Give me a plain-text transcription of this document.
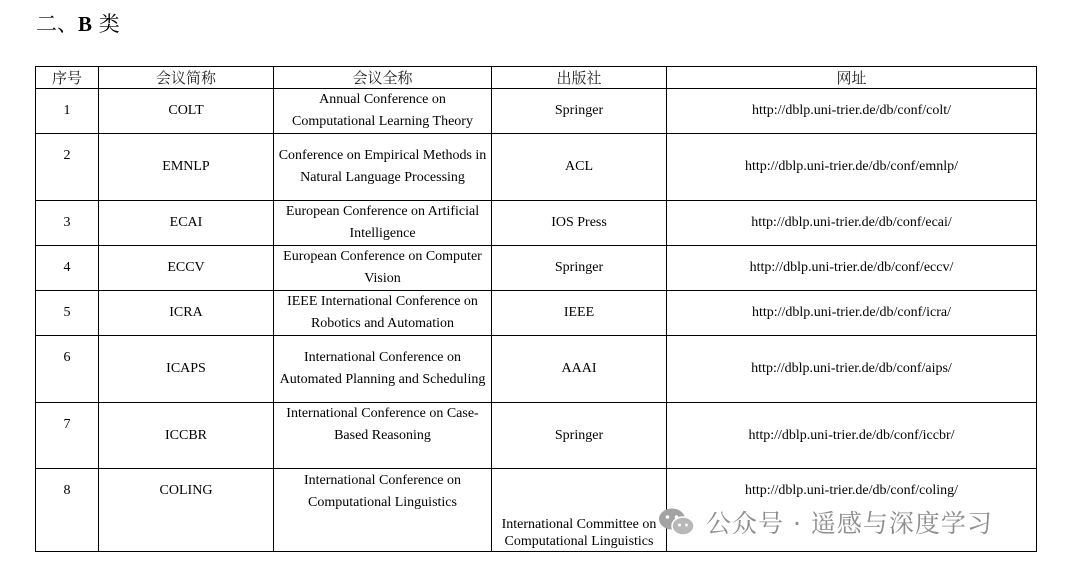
二、B 类
序号	会议简称	会议全称	出版社	网址
1	COLT	Annual Conference on Computational Learning Theory	Springer	http://dblp.uni-trier.de/db/conf/colt/
2	EMNLP	Conference on Empirical Methods in Natural Language Processing	ACL	http://dblp.uni-trier.de/db/conf/emnlp/
3	ECAI	European Conference on Artificial Intelligence	IOS Press	http://dblp.uni-trier.de/db/conf/ecai/
4	ECCV	European Conference on Computer Vision	Springer	http://dblp.uni-trier.de/db/conf/eccv/
5	ICRA	IEEE International Conference on Robotics and Automation	IEEE	http://dblp.uni-trier.de/db/conf/icra/
6	ICAPS	International Conference on Automated Planning and Scheduling	AAAI	http://dblp.uni-trier.de/db/conf/aips/
7	ICCBR	International Conference on Case-Based Reasoning	Springer	http://dblp.uni-trier.de/db/conf/iccbr/
8	COLING	International Conference on Computational Linguistics	International Committee on Computational Linguistics	http://dblp.uni-trier.de/db/conf/coling/
公众号 · 遥感与深度学习
